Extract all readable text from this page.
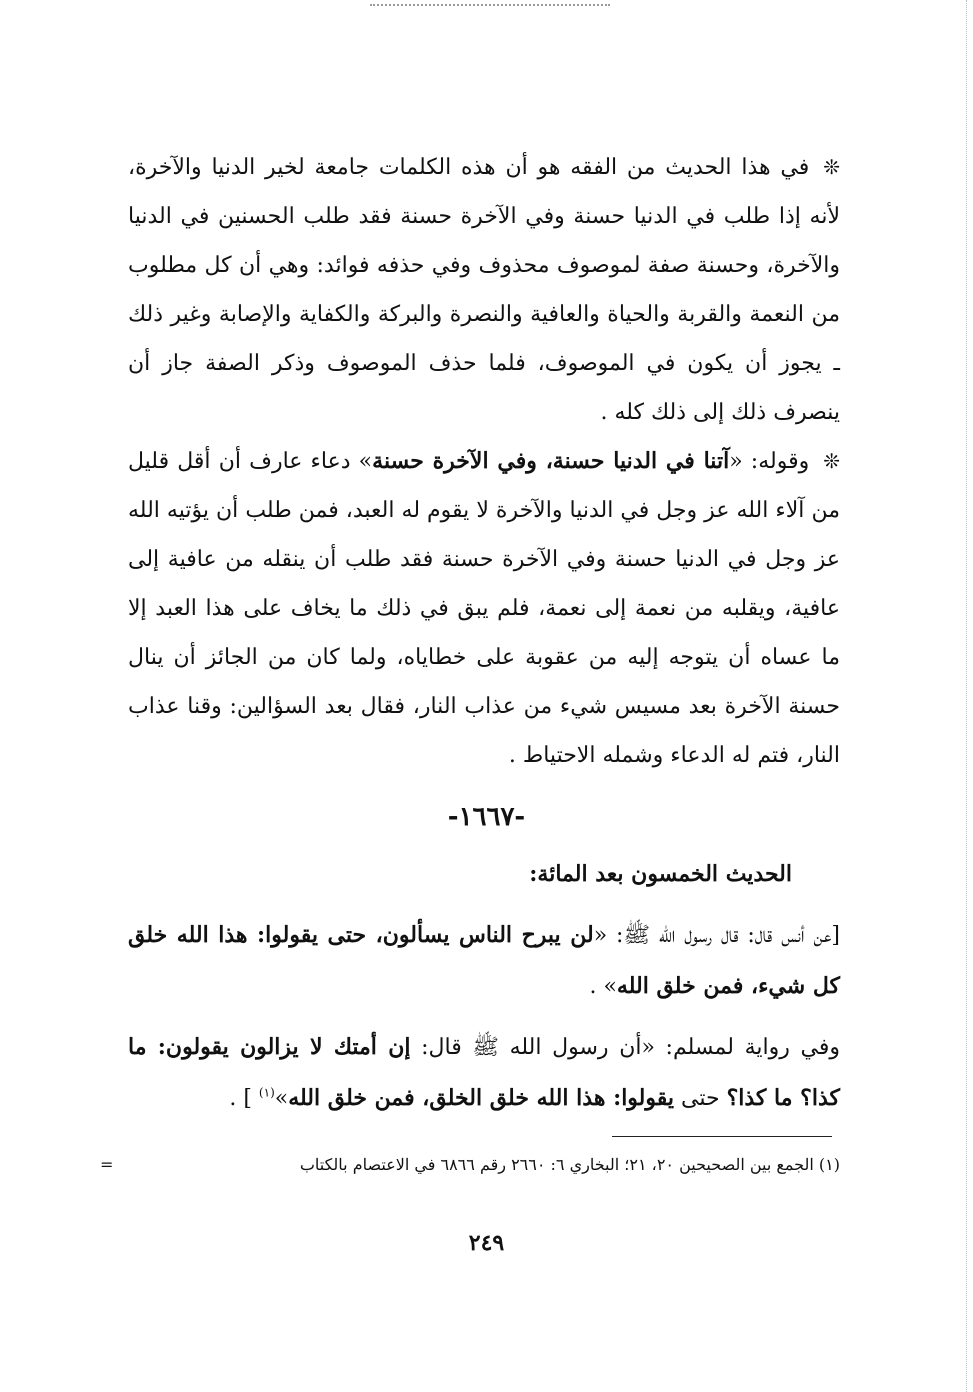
❊في هذا الحديث من الفقه هو أن هذه الكلمات جامعة لخير الدنيا والآخرة، لأنه إذا طلب في الدنيا حسنة وفي الآخرة حسنة فقد طلب الحسنين في الدنيا والآخرة، وحسنة صفة لموصوف محذوف وفي حذفه فوائد: وهي أن كل مطلوب من النعمة والقربة والحياة والعافية والنصرة والبركة والكفاية والإصابة وغير ذلك ـ يجوز أن يكون في الموصوف، فلما حذف الموصوف وذكر الصفة جاز أن ينصرف ذلك إلى ذلك كله .
❊وقوله: «آتنا في الدنيا حسنة، وفي الآخرة حسنة» دعاء عارف أن أقل قليل من آلاء الله عز وجل في الدنيا والآخرة لا يقوم له العبد، فمن طلب أن يؤتيه الله عز وجل في الدنيا حسنة وفي الآخرة حسنة فقد طلب أن ينقله من عافية إلى عافية، ويقلبه من نعمة إلى نعمة، فلم يبق في ذلك ما يخاف على هذا العبد إلا ما عساه أن يتوجه إليه من عقوبة على خطاياه، ولما كان من الجائز أن ينال حسنة الآخرة بعد مسيس شيء من عذاب النار، فقال بعد السؤالين: وقنا عذاب النار، فتم له الدعاء وشمله الاحتياط .
-١٦٦٧-
الحديث الخمسون بعد المائة:
[عن أنس قال: قال رسول الله ﷺ: «لن يبرح الناس يسألون، حتى يقولوا: هذا الله خلق كل شيء، فمن خلق الله» .
وفي رواية لمسلم: «أن رسول الله ﷺ قال: إن أمتك لا يزالون يقولون: ما كذا؟ ما كذا؟ حتى يقولوا: هذا الله خلق الخلق، فمن خلق الله»$^{(١)}$ ] .
(١) الجمع بين الصحيحين ٢٠، ٢١؛ البخاري ٦: ٢٦٦٠ رقم ٦٨٦٦ في الاعتصام بالكتاب
=
٢٤٩
